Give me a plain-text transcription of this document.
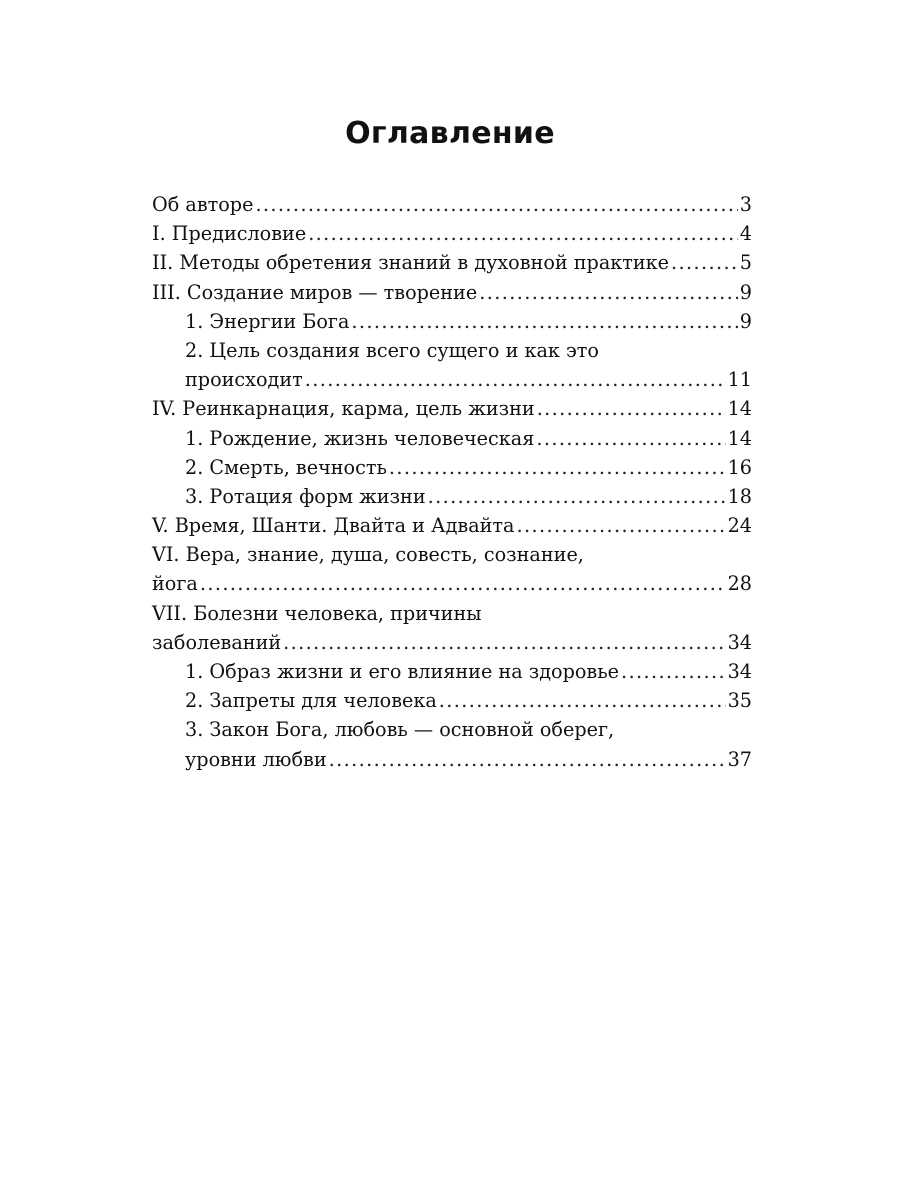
Оглавление
Об авторе .....	3
I. Предисловие .....	4
II. Методы обретения знаний в духовной практике .....	5
III. Создание миров — творение .....	9
1. Энергии Бога .....	9
2. Цель создания всего сущего и как это
происходит .....	11
IV. Реинкарнация, карма, цель жизни .....	14
1. Рождение, жизнь человеческая .....	14
2. Смерть, вечность .....	16
3. Ротация форм жизни .....	18
V. Время, Шанти. Двайта и Адвайта .....	24
VI. Вера, знание, душа, совесть, сознание,
йога .....	28
VII. Болезни человека, причины
заболеваний .....	34
1. Образ жизни и его влияние на здоровье .....	34
2. Запреты для человека .....	35
3. Закон Бога, любовь — основной оберег,
уровни любви .....	37
